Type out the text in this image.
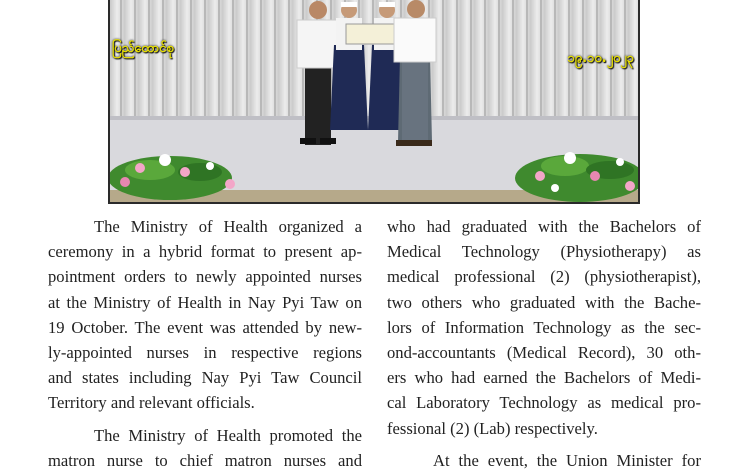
ပြည်ထောင်စု
၁၉.၁၀.၂၀၂၃

The Ministry of Health organized a
ceremony in a hybrid format to present ap-
pointment orders to newly appointed nurses
at the Ministry of Health in Nay Pyi Taw on
19 October. The event was attended by new-
ly-appointed nurses in respective regions
and states including Nay Pyi Taw Council
Territory and relevant officials.

The Ministry of Health promoted the
matron nurse to chief matron nurses and

who had graduated with the Bachelors of
Medical Technology (Physiotherapy) as
medical professional (2) (physiotherapist),
two others who graduated with the Bache-
lors of Information Technology as the sec-
ond-accountants (Medical Record), 30 oth-
ers who had earned the Bachelors of Medi-
cal Laboratory Technology as medical pro-
fessional (2) (Lab) respectively.

At the event, the Union Minister for
